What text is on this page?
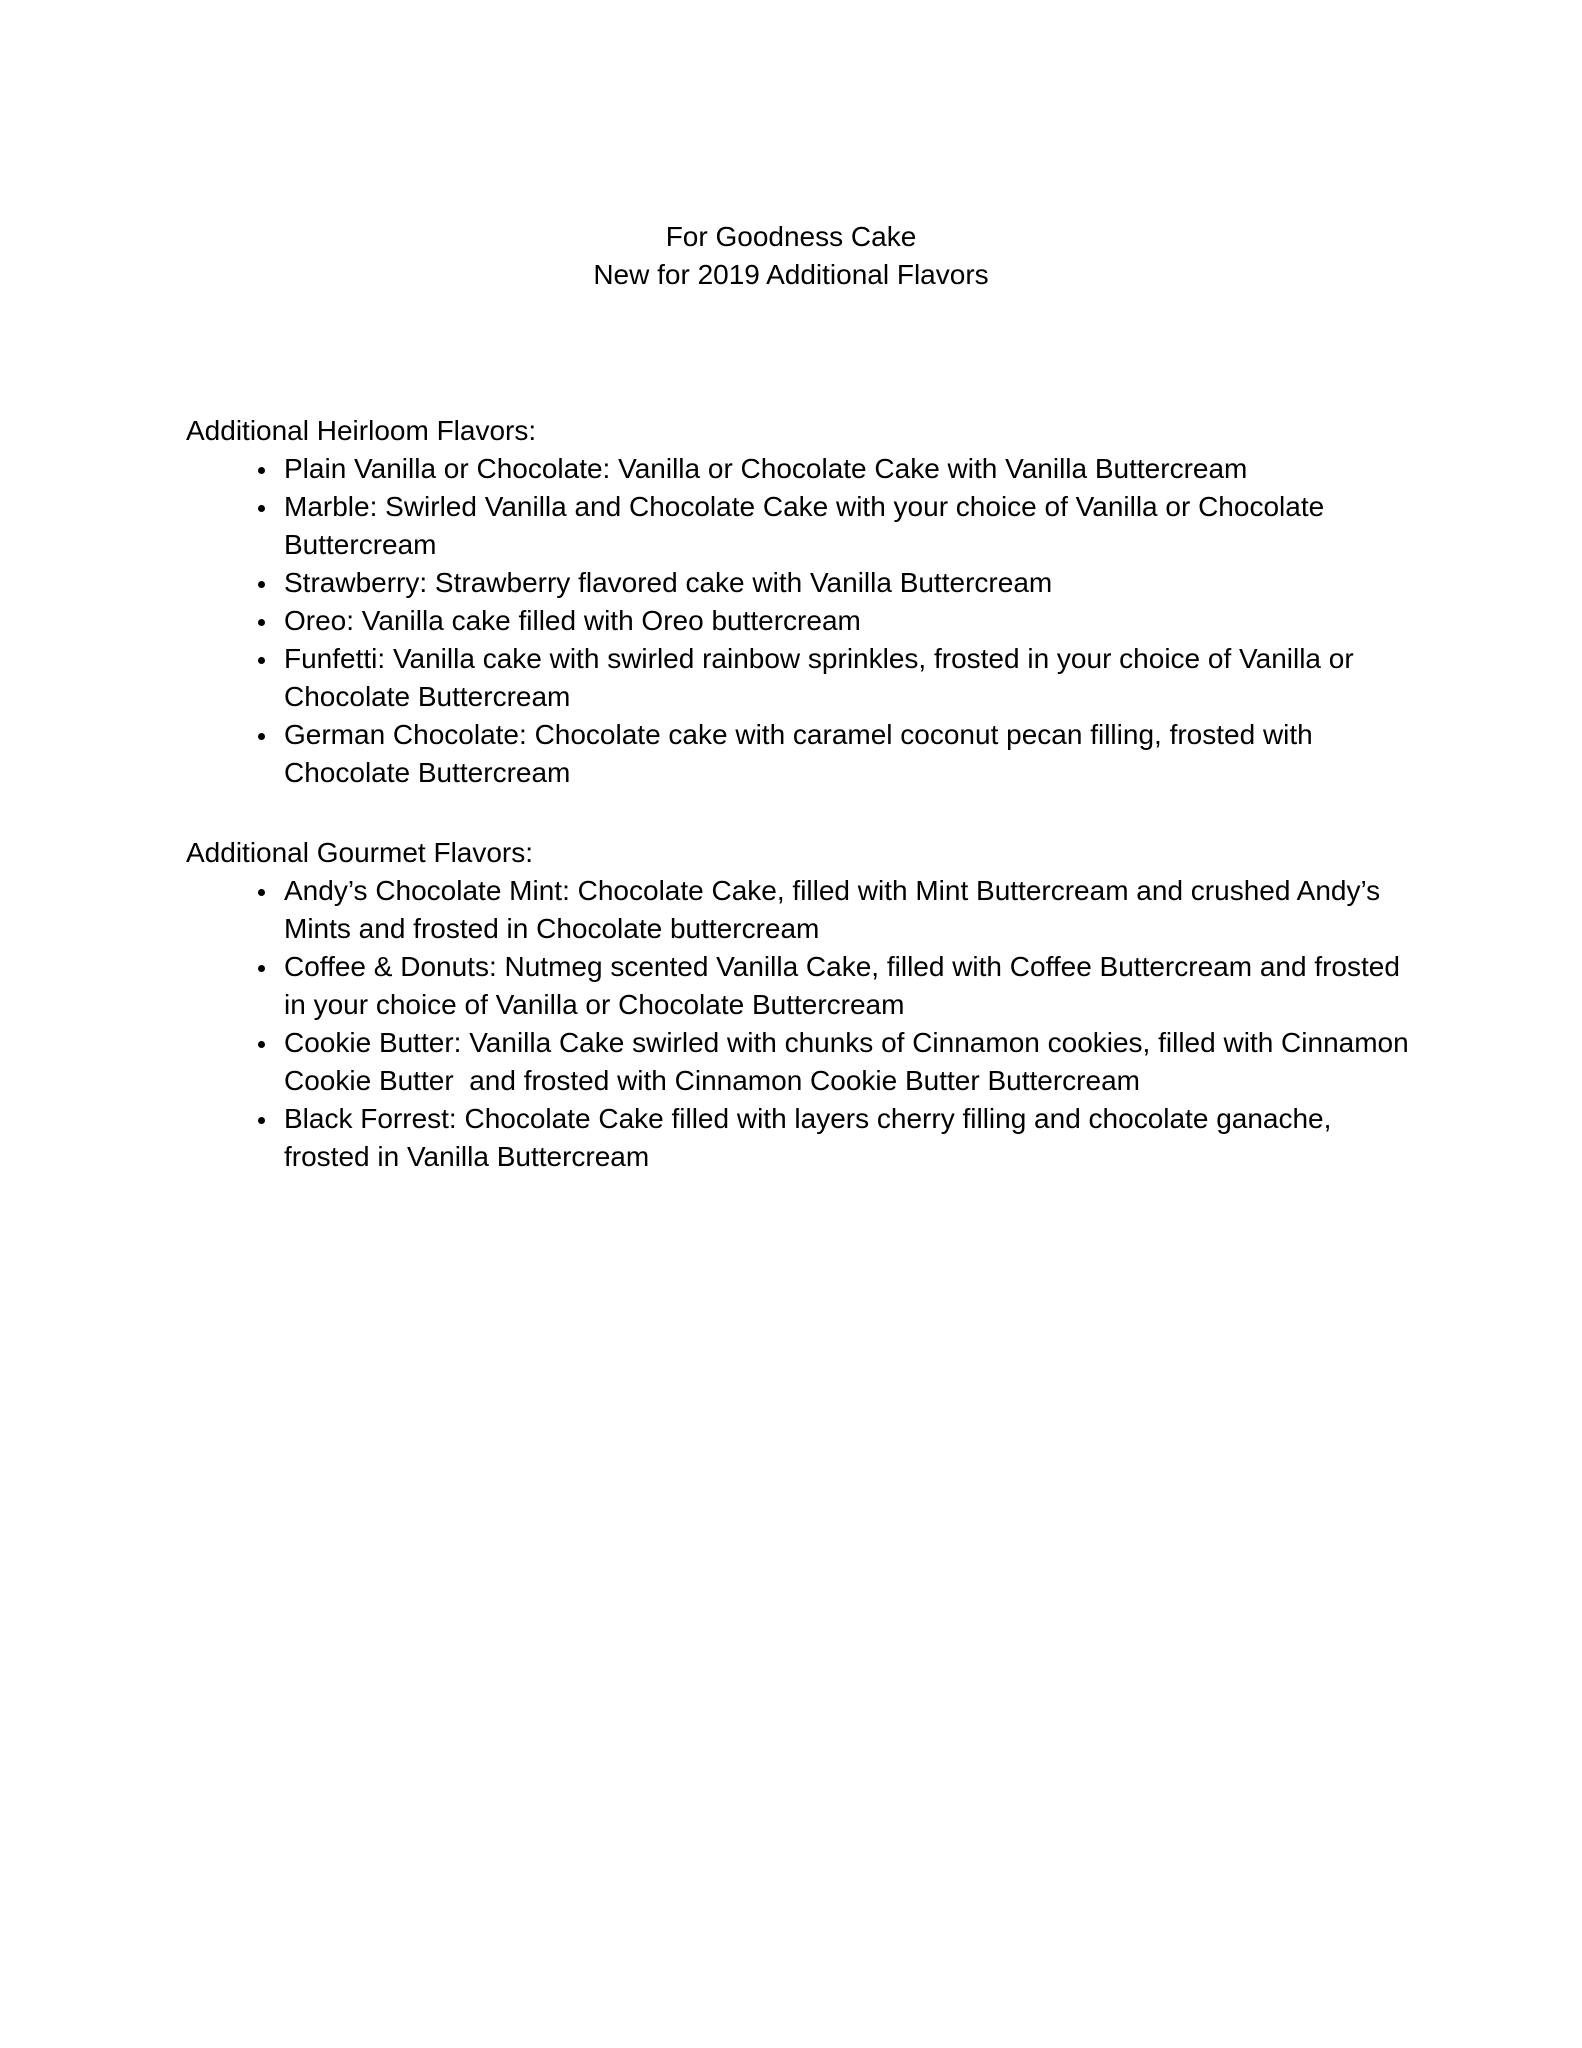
For Goodness Cake
New for 2019 Additional Flavors
Additional Heirloom Flavors:
• Plain Vanilla or Chocolate: Vanilla or Chocolate Cake with Vanilla Buttercream
• Marble: Swirled Vanilla and Chocolate Cake with your choice of Vanilla or Chocolate Buttercream
• Strawberry: Strawberry flavored cake with Vanilla Buttercream
• Oreo: Vanilla cake filled with Oreo buttercream
• Funfetti: Vanilla cake with swirled rainbow sprinkles, frosted in your choice of Vanilla or Chocolate Buttercream
• German Chocolate: Chocolate cake with caramel coconut pecan filling, frosted with Chocolate Buttercream
Additional Gourmet Flavors:
• Andy’s Chocolate Mint: Chocolate Cake, filled with Mint Buttercream and crushed Andy’s Mints and frosted in Chocolate buttercream
• Coffee & Donuts: Nutmeg scented Vanilla Cake, filled with Coffee Buttercream and frosted in your choice of Vanilla or Chocolate Buttercream
• Cookie Butter: Vanilla Cake swirled with chunks of Cinnamon cookies, filled with Cinnamon Cookie Butter  and frosted with Cinnamon Cookie Butter Buttercream
• Black Forrest: Chocolate Cake filled with layers cherry filling and chocolate ganache, frosted in Vanilla Buttercream
